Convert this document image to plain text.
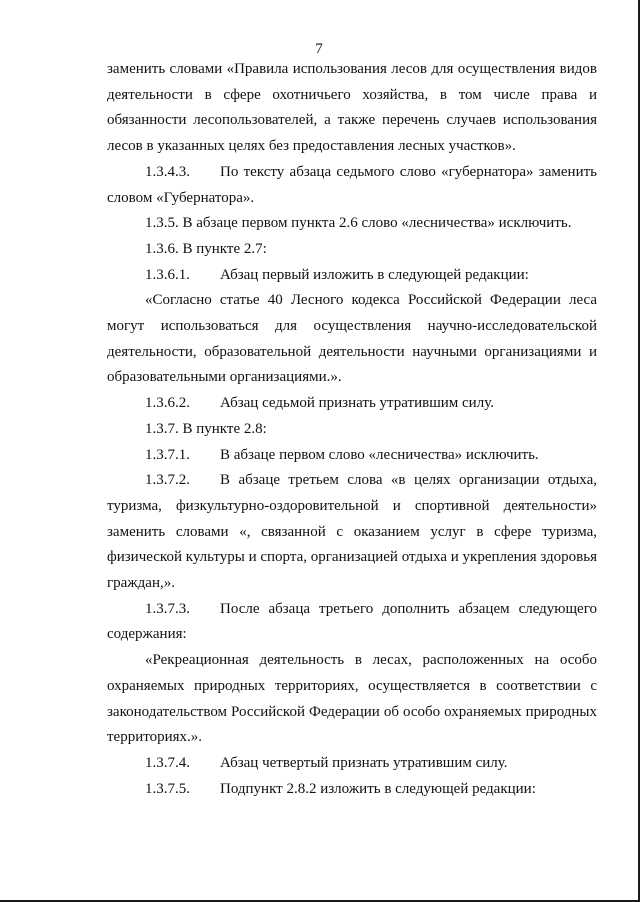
7

заменить словами «Правила использования лесов для осуществления видов деятельности в сфере охотничьего хозяйства, в том числе права и обязанности лесопользователей, а также перечень случаев использования лесов в указанных целях без предоставления лесных участков».

1.3.4.3. По тексту абзаца седьмого слово «губернатора» заменить словом «Губернатора».

1.3.5. В абзаце первом пункта 2.6 слово «лесничества» исключить.

1.3.6. В пункте 2.7:

1.3.6.1. Абзац первый изложить в следующей редакции:

«Согласно статье 40 Лесного кодекса Российской Федерации леса могут использоваться для осуществления научно-исследовательской деятельности, образовательной деятельности научными организациями и образовательными организациями.».

1.3.6.2. Абзац седьмой признать утратившим силу.

1.3.7. В пункте 2.8:

1.3.7.1. В абзаце первом слово «лесничества» исключить.

1.3.7.2. В абзаце третьем слова «в целях организации отдыха, туризма, физкультурно-оздоровительной и спортивной деятельности» заменить словами «, связанной с оказанием услуг в сфере туризма, физической культуры и спорта, организацией отдыха и укрепления здоровья граждан,».

1.3.7.3. После абзаца третьего дополнить абзацем следующего содержания:

«Рекреационная деятельность в лесах, расположенных на особо охраняемых природных территориях, осуществляется в соответствии с законодательством Российской Федерации об особо охраняемых природных территориях.».

1.3.7.4. Абзац четвертый признать утратившим силу.

1.3.7.5. Подпункт 2.8.2 изложить в следующей редакции:
